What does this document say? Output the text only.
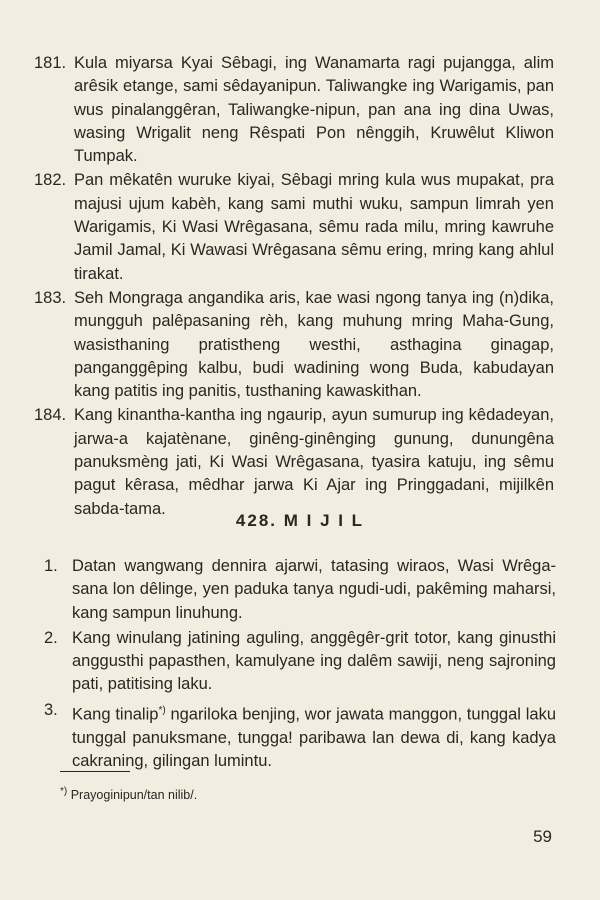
181. Kula miyarsa Kyai Sêbagi, ing Wanamarta ragi pujangga, alim arêsik etange, sami sêdayanipun. Taliwangke ing Warigamis, pan wus pinalanggêran, Taliwangke-nipun, pan ana ing dina Uwas, wasing Wrigalit neng Rêspati Pon nênggih, Kruwêlut Kliwon Tumpak.
182. Pan mêkatên wuruke kiyai, Sêbagi mring kula wus mupakat, pra majusi ujum kabèh, kang sami muthi wuku, sampun limrah yen Warigamis, Ki Wasi Wrêgasana, sêmu rada milu, mring kawruhe Jamil Jamal, Ki Wawasi Wrêgasana sêmu ering, mring kang ahlul tirakat.
183. Seh Mongraga angandika aris, kae wasi ngong tanya ing (n)dika, mungguh palêpasaning rèh, kang muhung mring Maha-Gung, wasisthaning pratistheng westhi, asthagina ginagap, panganggêping kalbu, budi wadining wong Buda, kabudayan kang patitis ing panitis, tusthaning kawaskithan.
184. Kang kinantha-kantha ing ngaurip, ayun sumurup ing kêdadeyan, jarwa-a kajatènane, ginêng-ginênging gunung, dunungêna panuksmèng jati, Ki Wasi Wrêgasana, tyasira katuju, ing sêmu pagut kêrasa, mêdhar jarwa Ki Ajar ing Pringgadani, mijilkên sabda-tama.
428. M I J I L
1. Datan wangwang dennira ajarwi, tatasing wiraos, Wasi Wrêga-sana lon dêlinge, yen paduka tanya ngudi-udi, pakêming maharsi, kang sampun linuhung.
2. Kang winulang jatining aguling, anggêgêr-grit totor, kang ginusthi anggusthi papasthen, kamulyane ing dalêm sawiji, neng sajroning pati, patitising laku.
3. Kang tinalip*) ngariloka benjing, wor jawata manggon, tunggal laku tunggal panuksmane, tungga! paribawa lan dewa di, kang kadya cakraning, gilingan lumintu.
*) Prayoginipun/tan nilib/.
59
